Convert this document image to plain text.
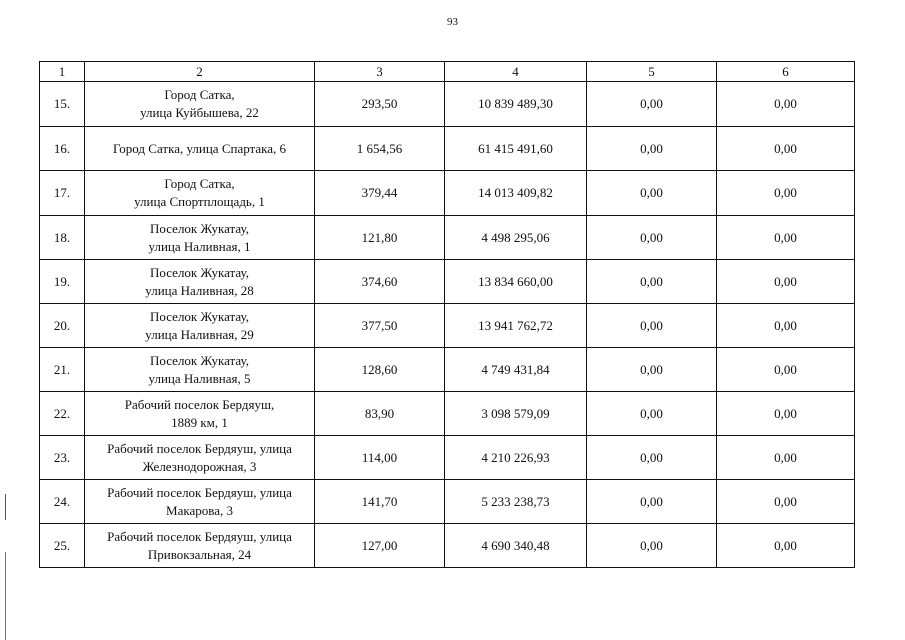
93
1	2	3	4	5	6
15.	Город Сатка,
улица Куйбышева, 22	293,50	10 839 489,30	0,00	0,00
16.	Город Сатка, улица Спартака, 6	1 654,56	61 415 491,60	0,00	0,00
17.	Город Сатка,
улица Спортплощадь, 1	379,44	14 013 409,82	0,00	0,00
18.	Поселок Жукатау,
улица Наливная, 1	121,80	4 498 295,06	0,00	0,00
19.	Поселок Жукатау,
улица Наливная, 28	374,60	13 834 660,00	0,00	0,00
20.	Поселок Жукатау,
улица Наливная, 29	377,50	13 941 762,72	0,00	0,00
21.	Поселок Жукатау,
улица Наливная, 5	128,60	4 749 431,84	0,00	0,00
22.	Рабочий поселок Бердяуш,
1889 км, 1	83,90	3 098 579,09	0,00	0,00
23.	Рабочий поселок Бердяуш, улица
Железнодорожная, 3	114,00	4 210 226,93	0,00	0,00
24.	Рабочий поселок Бердяуш, улица
Макарова, 3	141,70	5 233 238,73	0,00	0,00
25.	Рабочий поселок Бердяуш, улица
Привокзальная, 24	127,00	4 690 340,48	0,00	0,00
